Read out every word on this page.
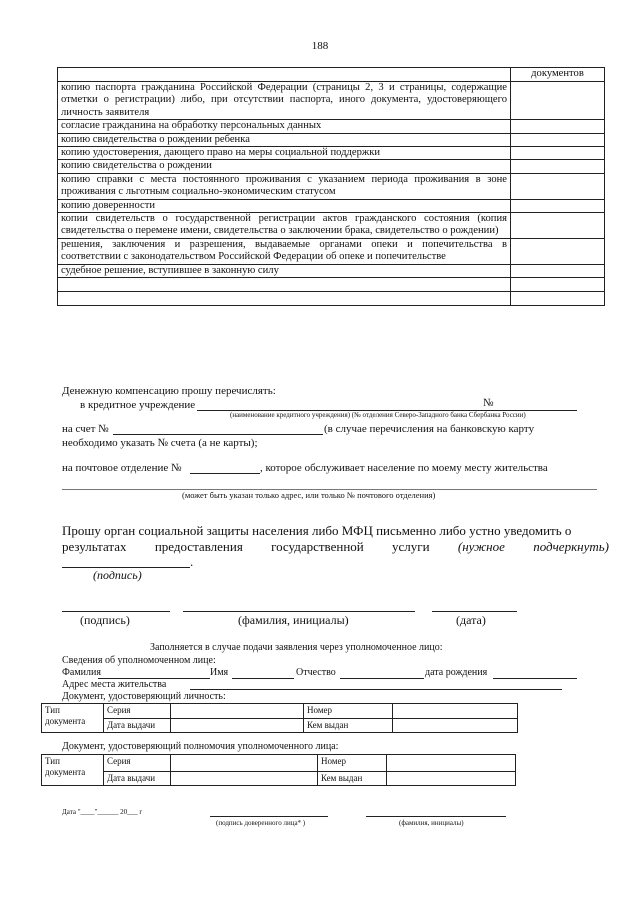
188
	документов
копию паспорта гражданина Российской Федерации (страницы 2, 3 и страницы, содержащие отметки о регистрации) либо, при отсутствии паспорта, иного документа, удостоверяющего личность заявителя	
согласие гражданина на обработку персональных данных	
копию свидетельства о рождении ребенка	
копию удостоверения, дающего право на меры социальной поддержки	
копию свидетельства о рождении	
копию справки с места постоянного проживания с указанием периода проживания в зоне проживания с льготным социально-экономическим статусом	
копию доверенности	
копии свидетельств о государственной регистрации актов гражданского состояния (копия свидетельства о перемене имени, свидетельства о заключении брака, свидетельство о рождении)	
решения, заключения и разрешения, выдаваемые органами опеки и попечительства в соответствии с законодательством Российской Федерации об опеке и попечительстве	
судебное решение, вступившее в законную силу	

Денежную компенсацию прошу перечислять:
в кредитное учреждение	№
(наименование кредитного учреждения) (№ отделения Северо-Западного банка Сбербанка России)
на счет №	(в случае перечисления на банковскую карту
необходимо указать № счета (а не карты);
на почтовое отделение №	, которое обслуживает население по моему месту жительства
(может быть указан только адрес, или только № почтового отделения)
Прошу орган социальной защиты населения либо МФЦ письменно либо устно уведомить о
результатах предоставления государственной услуги (нужное подчеркнуть)
.
(подпись)
(подпись)	(фамилия, инициалы)	(дата)
Заполняется в случае подачи заявления через уполномоченное лицо:
Сведения об уполномоченном лице:
Фамилия	Имя	Отчество	дата рождения
Адрес места жительства
Документ, удостоверяющий личность:
Тип документа	Серия		Номер	
	Дата выдачи		Кем выдан	
Документ, удостоверяющий полномочия уполномоченного лица:
Тип документа	Серия		Номер	
	Дата выдачи		Кем выдан	
Дата "____"______ 20___ г
(подпись доверенного лица* )	(фамилия, инициалы)
